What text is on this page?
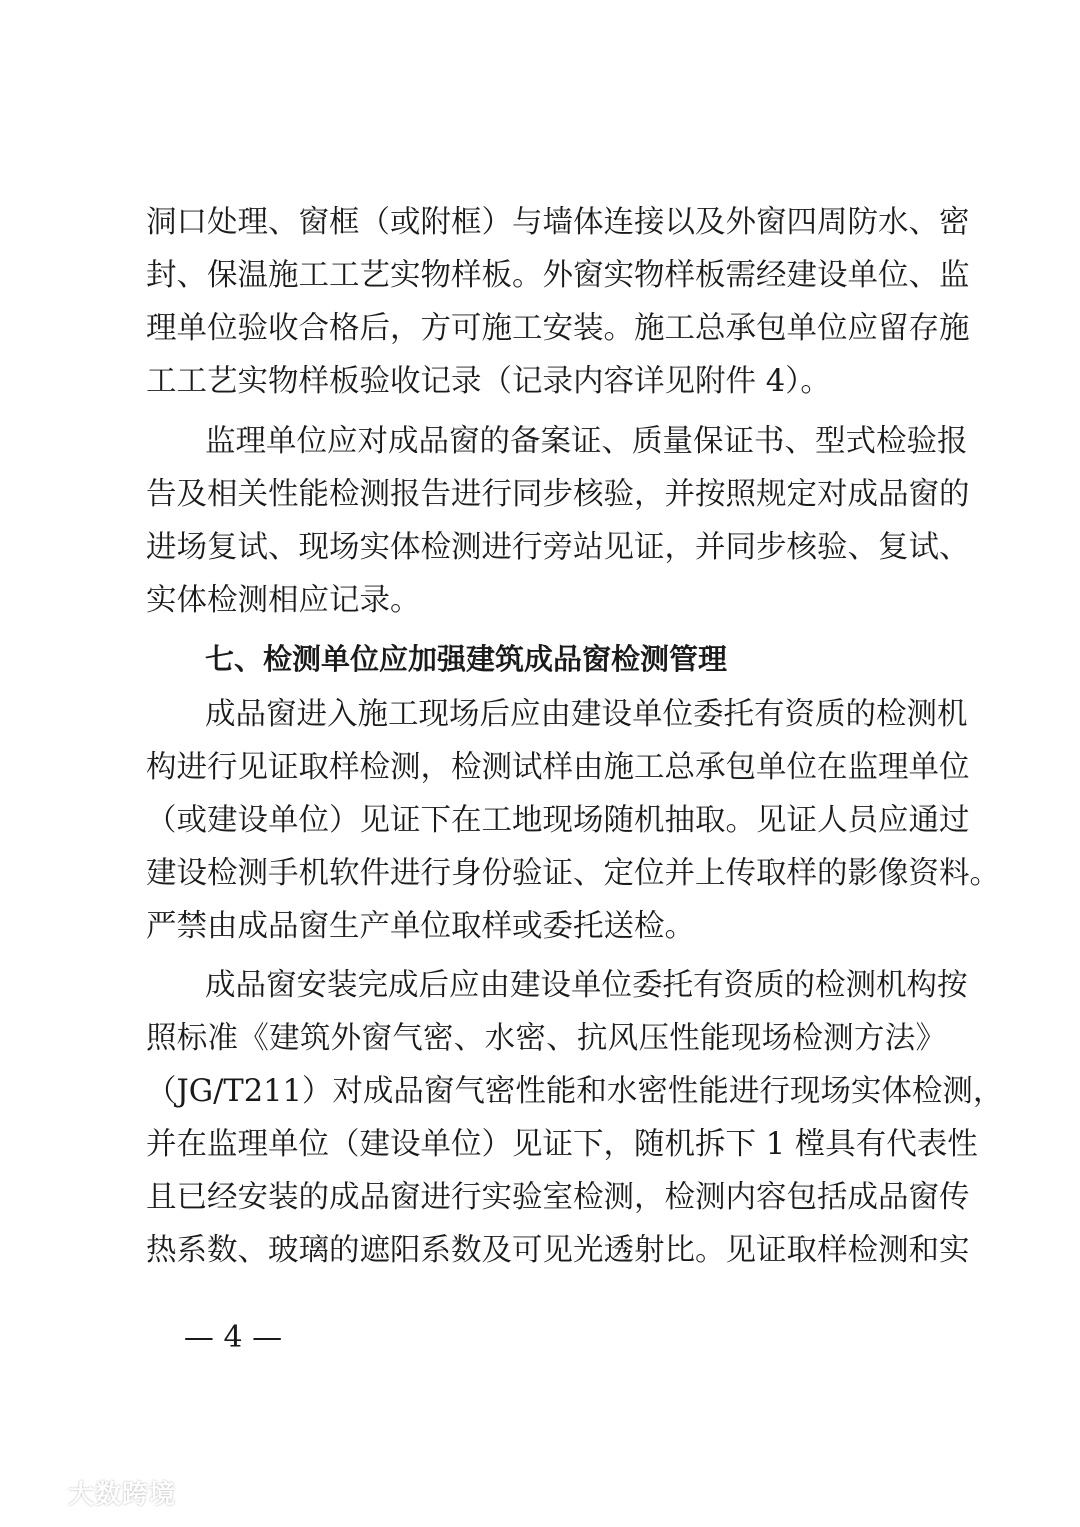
洞口处理、窗框（或附框）与墙体连接以及外窗四周防水、密
封、保温施工工艺实物样板。外窗实物样板需经建设单位、监
理单位验收合格后，方可施工安装。施工总承包单位应留存施
工工艺实物样板验收记录（记录内容详见附件 4）。
监理单位应对成品窗的备案证、质量保证书、型式检验报
告及相关性能检测报告进行同步核验，并按照规定对成品窗的
进场复试、现场实体检测进行旁站见证，并同步核验、复试、
实体检测相应记录。
七、检测单位应加强建筑成品窗检测管理
成品窗进入施工现场后应由建设单位委托有资质的检测机
构进行见证取样检测，检测试样由施工总承包单位在监理单位
（或建设单位）见证下在工地现场随机抽取。见证人员应通过
建设检测手机软件进行身份验证、定位并上传取样的影像资料。
严禁由成品窗生产单位取样或委托送检。
成品窗安装完成后应由建设单位委托有资质的检测机构按
照标准《建筑外窗气密、水密、抗风压性能现场检测方法》
（JG/T211）对成品窗气密性能和水密性能进行现场实体检测，
并在监理单位（建设单位）见证下，随机拆下 1 樘具有代表性
且已经安装的成品窗进行实验室检测，检测内容包括成品窗传
热系数、玻璃的遮阳系数及可见光透射比。见证取样检测和实
— 4 —
大数跨境
